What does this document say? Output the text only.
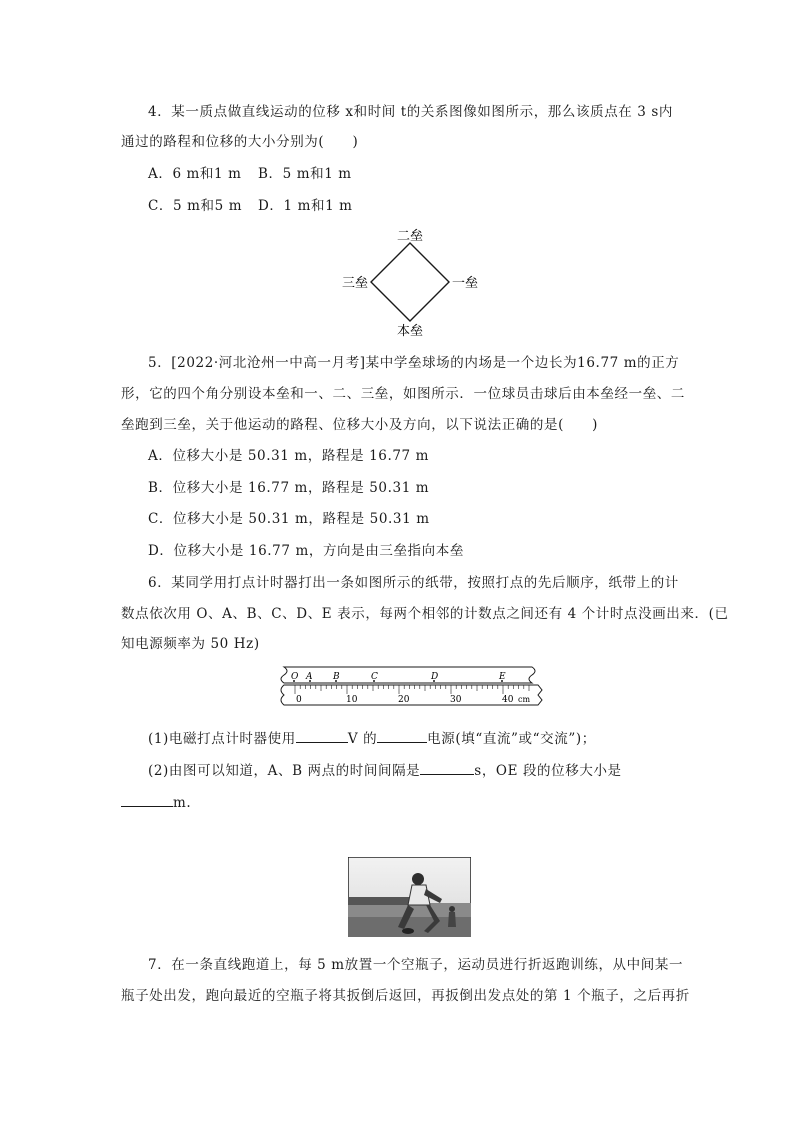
4．某一质点做直线运动的位移 x和时间 t的关系图像如图所示，那么该质点在 3 s内
通过的路程和位移的大小分别为(　　)
A．6 m和1 m B．5 m和1 m
C．5 m和5 m D．1 m和1 m
二垒
三垒	一垒
本垒
5．[2022·河北沧州一中高一月考]某中学垒球场的内场是一个边长为16.77 m的正方
形，它的四个角分别设本垒和一、二、三垒，如图所示．一位球员击球后由本垒经一垒、二
垒跑到三垒，关于他运动的路程、位移大小及方向，以下说法正确的是(　　)
A．位移大小是 50.31 m，路程是 16.77 m
B．位移大小是 16.77 m，路程是 50.31 m
C．位移大小是 50.31 m，路程是 50.31 m
D．位移大小是 16.77 m，方向是由三垒指向本垒
6．某同学用打点计时器打出一条如图所示的纸带，按照打点的先后顺序，纸带上的计
数点依次用 O、A、B、C、D、E 表示，每两个相邻的计数点之间还有 4 个计时点没画出来．(已
知电源频率为 50 Hz)
0	10	20	30	40 cm
O A B	C	D	E
(1)电磁打点计时器使用	V 的	电源(填“直流”或“交流”)；
(2)由图可以知道，A、B 两点的时间间隔是	s，OE 段的位移大小是
m.
7．在一条直线跑道上，每 5 m放置一个空瓶子，运动员进行折返跑训练，从中间某一
瓶子处出发，跑向最近的空瓶子将其扳倒后返回，再扳倒出发点处的第 1 个瓶子，之后再折
